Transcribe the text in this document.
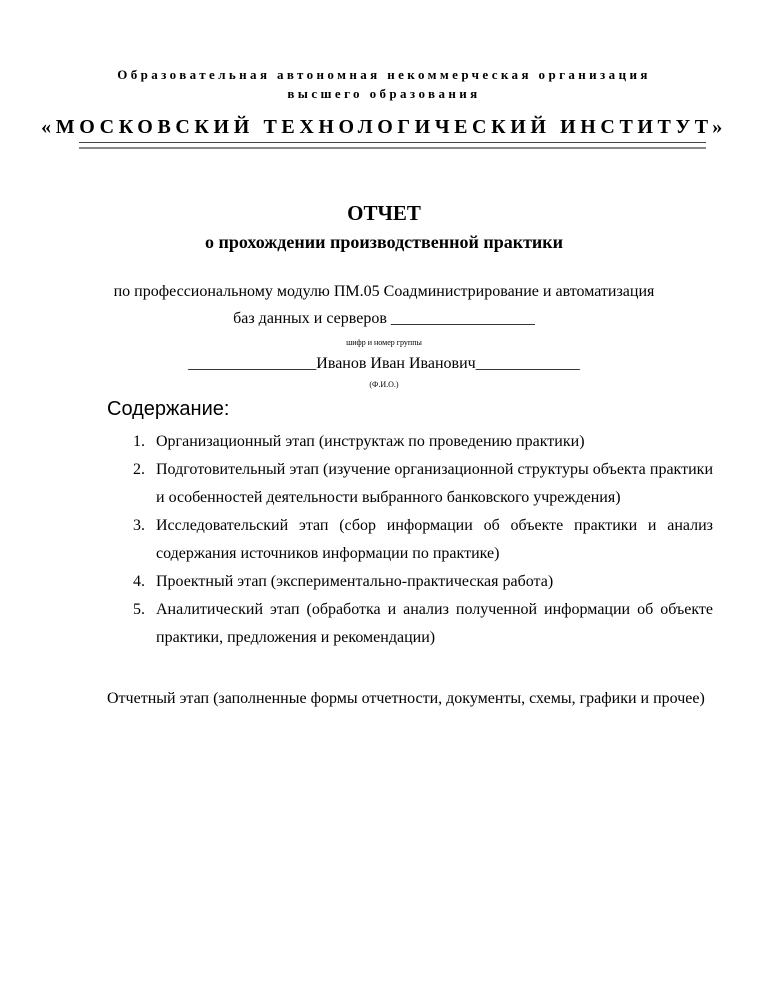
Образовательная автономная некоммерческая организация
высшего образования
«МОСКОВСКИЙ ТЕХНОЛОГИЧЕСКИЙ ИНСТИТУТ»
ОТЧЕТ
о прохождении производственной практики
по профессиональному модулю ПМ.05 Соадминистрирование и автоматизация
баз данных и серверов __________________
шифр и номер группы
________________Иванов Иван Иванович_____________
(Ф.И.О.)
Содержание:
1. Организационный этап (инструктаж по проведению практики)
2. Подготовительный этап (изучение организационной структуры объекта практики и особенностей деятельности выбранного банковского учреждения)
3. Исследовательский этап (сбор информации об объекте практики и анализ содержания источников информации по практике)
4. Проектный этап (экспериментально-практическая работа)
5. Аналитический этап (обработка и анализ полученной информации об объекте практики, предложения и рекомендации)
Отчетный этап (заполненные формы отчетности, документы, схемы, графики и прочее)
